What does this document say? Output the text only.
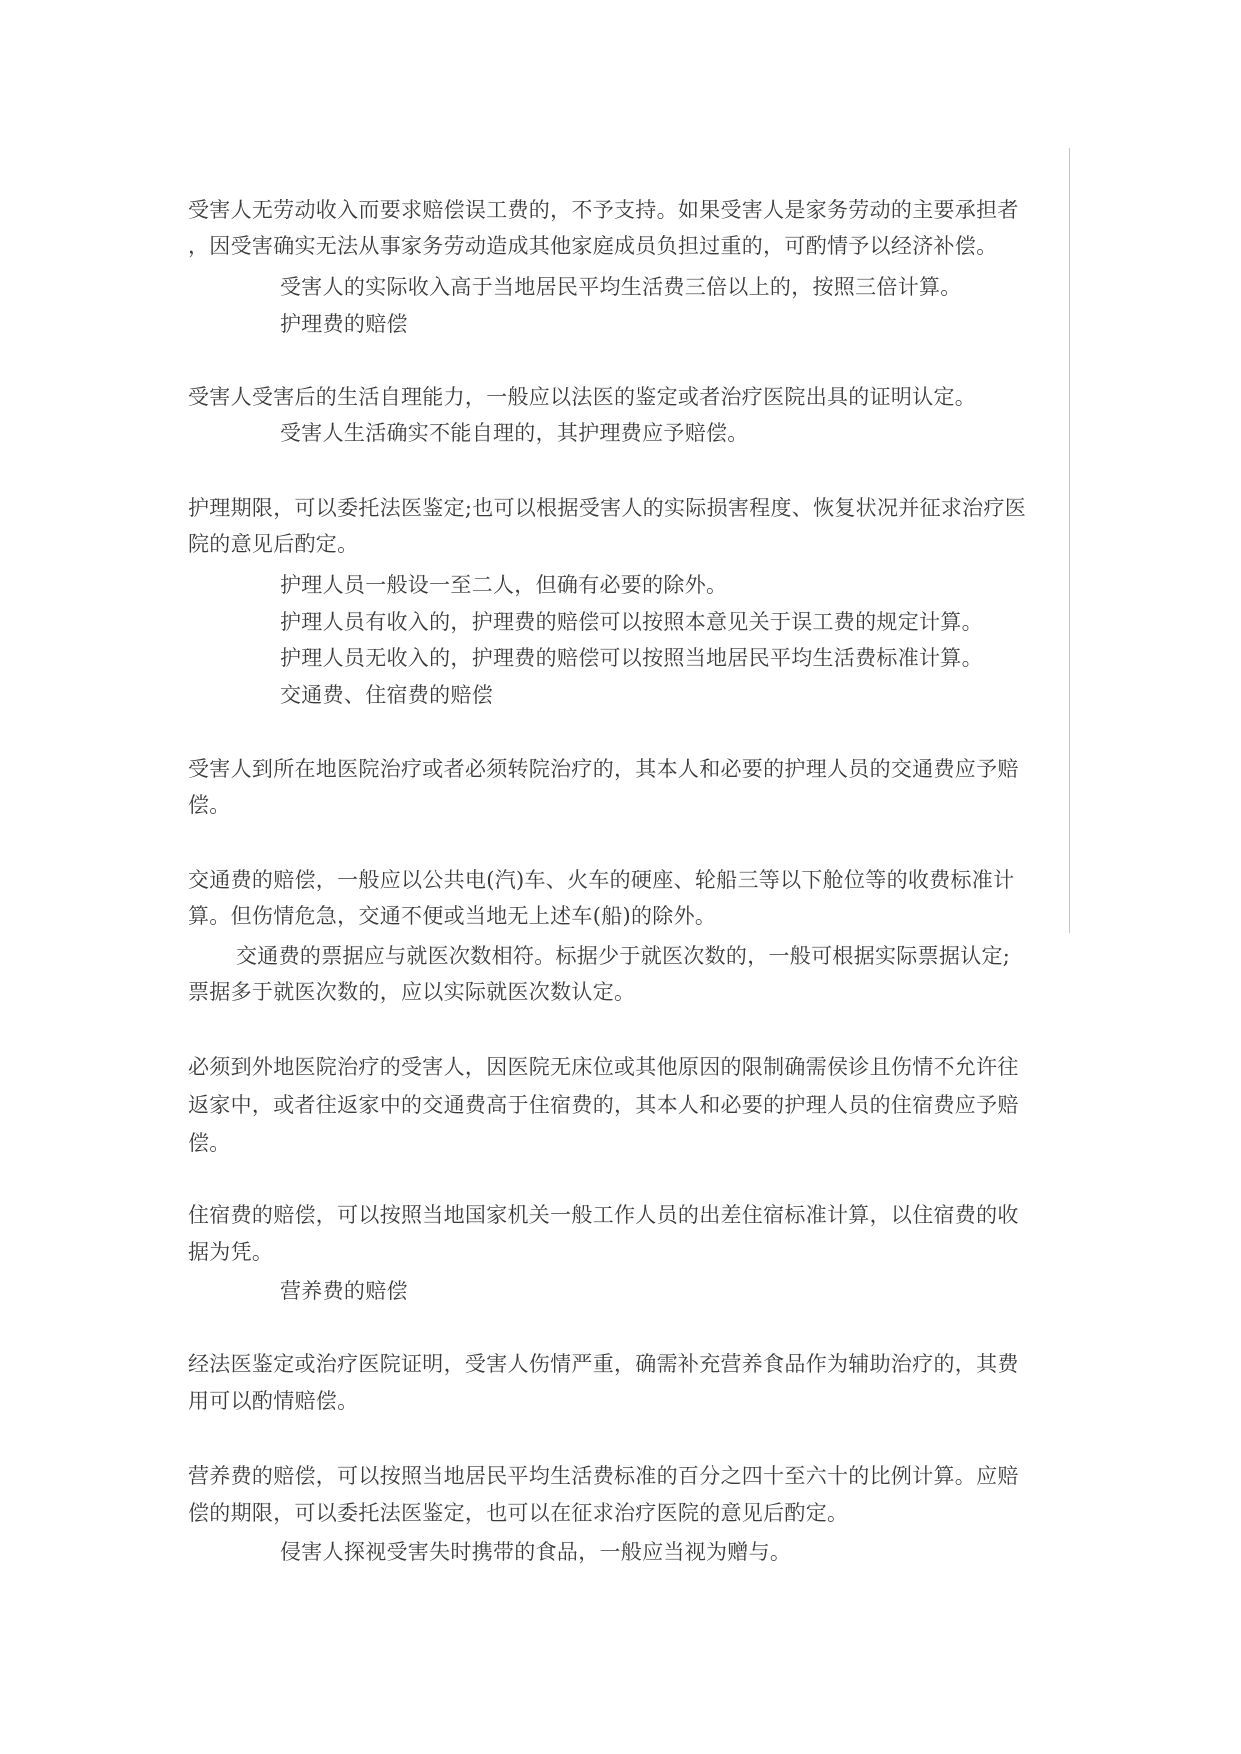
受害人无劳动收入而要求赔偿误工费的，不予支持。如果受害人是家务劳动的主要承担者

，因受害确实无法从事家务劳动造成其他家庭成员负担过重的，可酌情予以经济补偿。

受害人的实际收入高于当地居民平均生活费三倍以上的，按照三倍计算。

护理费的赔偿

受害人受害后的生活自理能力，一般应以法医的鉴定或者治疗医院出具的证明认定。

受害人生活确实不能自理的，其护理费应予赔偿。

护理期限，可以委托法医鉴定;也可以根据受害人的实际损害程度、恢复状况并征求治疗医

院的意见后酌定。

护理人员一般设一至二人，但确有必要的除外。

护理人员有收入的，护理费的赔偿可以按照本意见关于误工费的规定计算。

护理人员无收入的，护理费的赔偿可以按照当地居民平均生活费标准计算。

交通费、住宿费的赔偿

受害人到所在地医院治疗或者必须转院治疗的，其本人和必要的护理人员的交通费应予赔

偿。

交通费的赔偿，一般应以公共电(汽)车、火车的硬座、轮船三等以下舱位等的收费标准计

算。但伤情危急，交通不便或当地无上述车(船)的除外。

交通费的票据应与就医次数相符。标据少于就医次数的，一般可根据实际票据认定;

票据多于就医次数的，应以实际就医次数认定。

必须到外地医院治疗的受害人，因医院无床位或其他原因的限制确需侯诊且伤情不允许往

返家中，或者往返家中的交通费高于住宿费的，其本人和必要的护理人员的住宿费应予赔

偿。

住宿费的赔偿，可以按照当地国家机关一般工作人员的出差住宿标准计算，以住宿费的收

据为凭。

营养费的赔偿

经法医鉴定或治疗医院证明，受害人伤情严重，确需补充营养食品作为辅助治疗的，其费

用可以酌情赔偿。

营养费的赔偿，可以按照当地居民平均生活费标准的百分之四十至六十的比例计算。应赔

偿的期限，可以委托法医鉴定，也可以在征求治疗医院的意见后酌定。

侵害人探视受害失时携带的食品，一般应当视为赠与。
